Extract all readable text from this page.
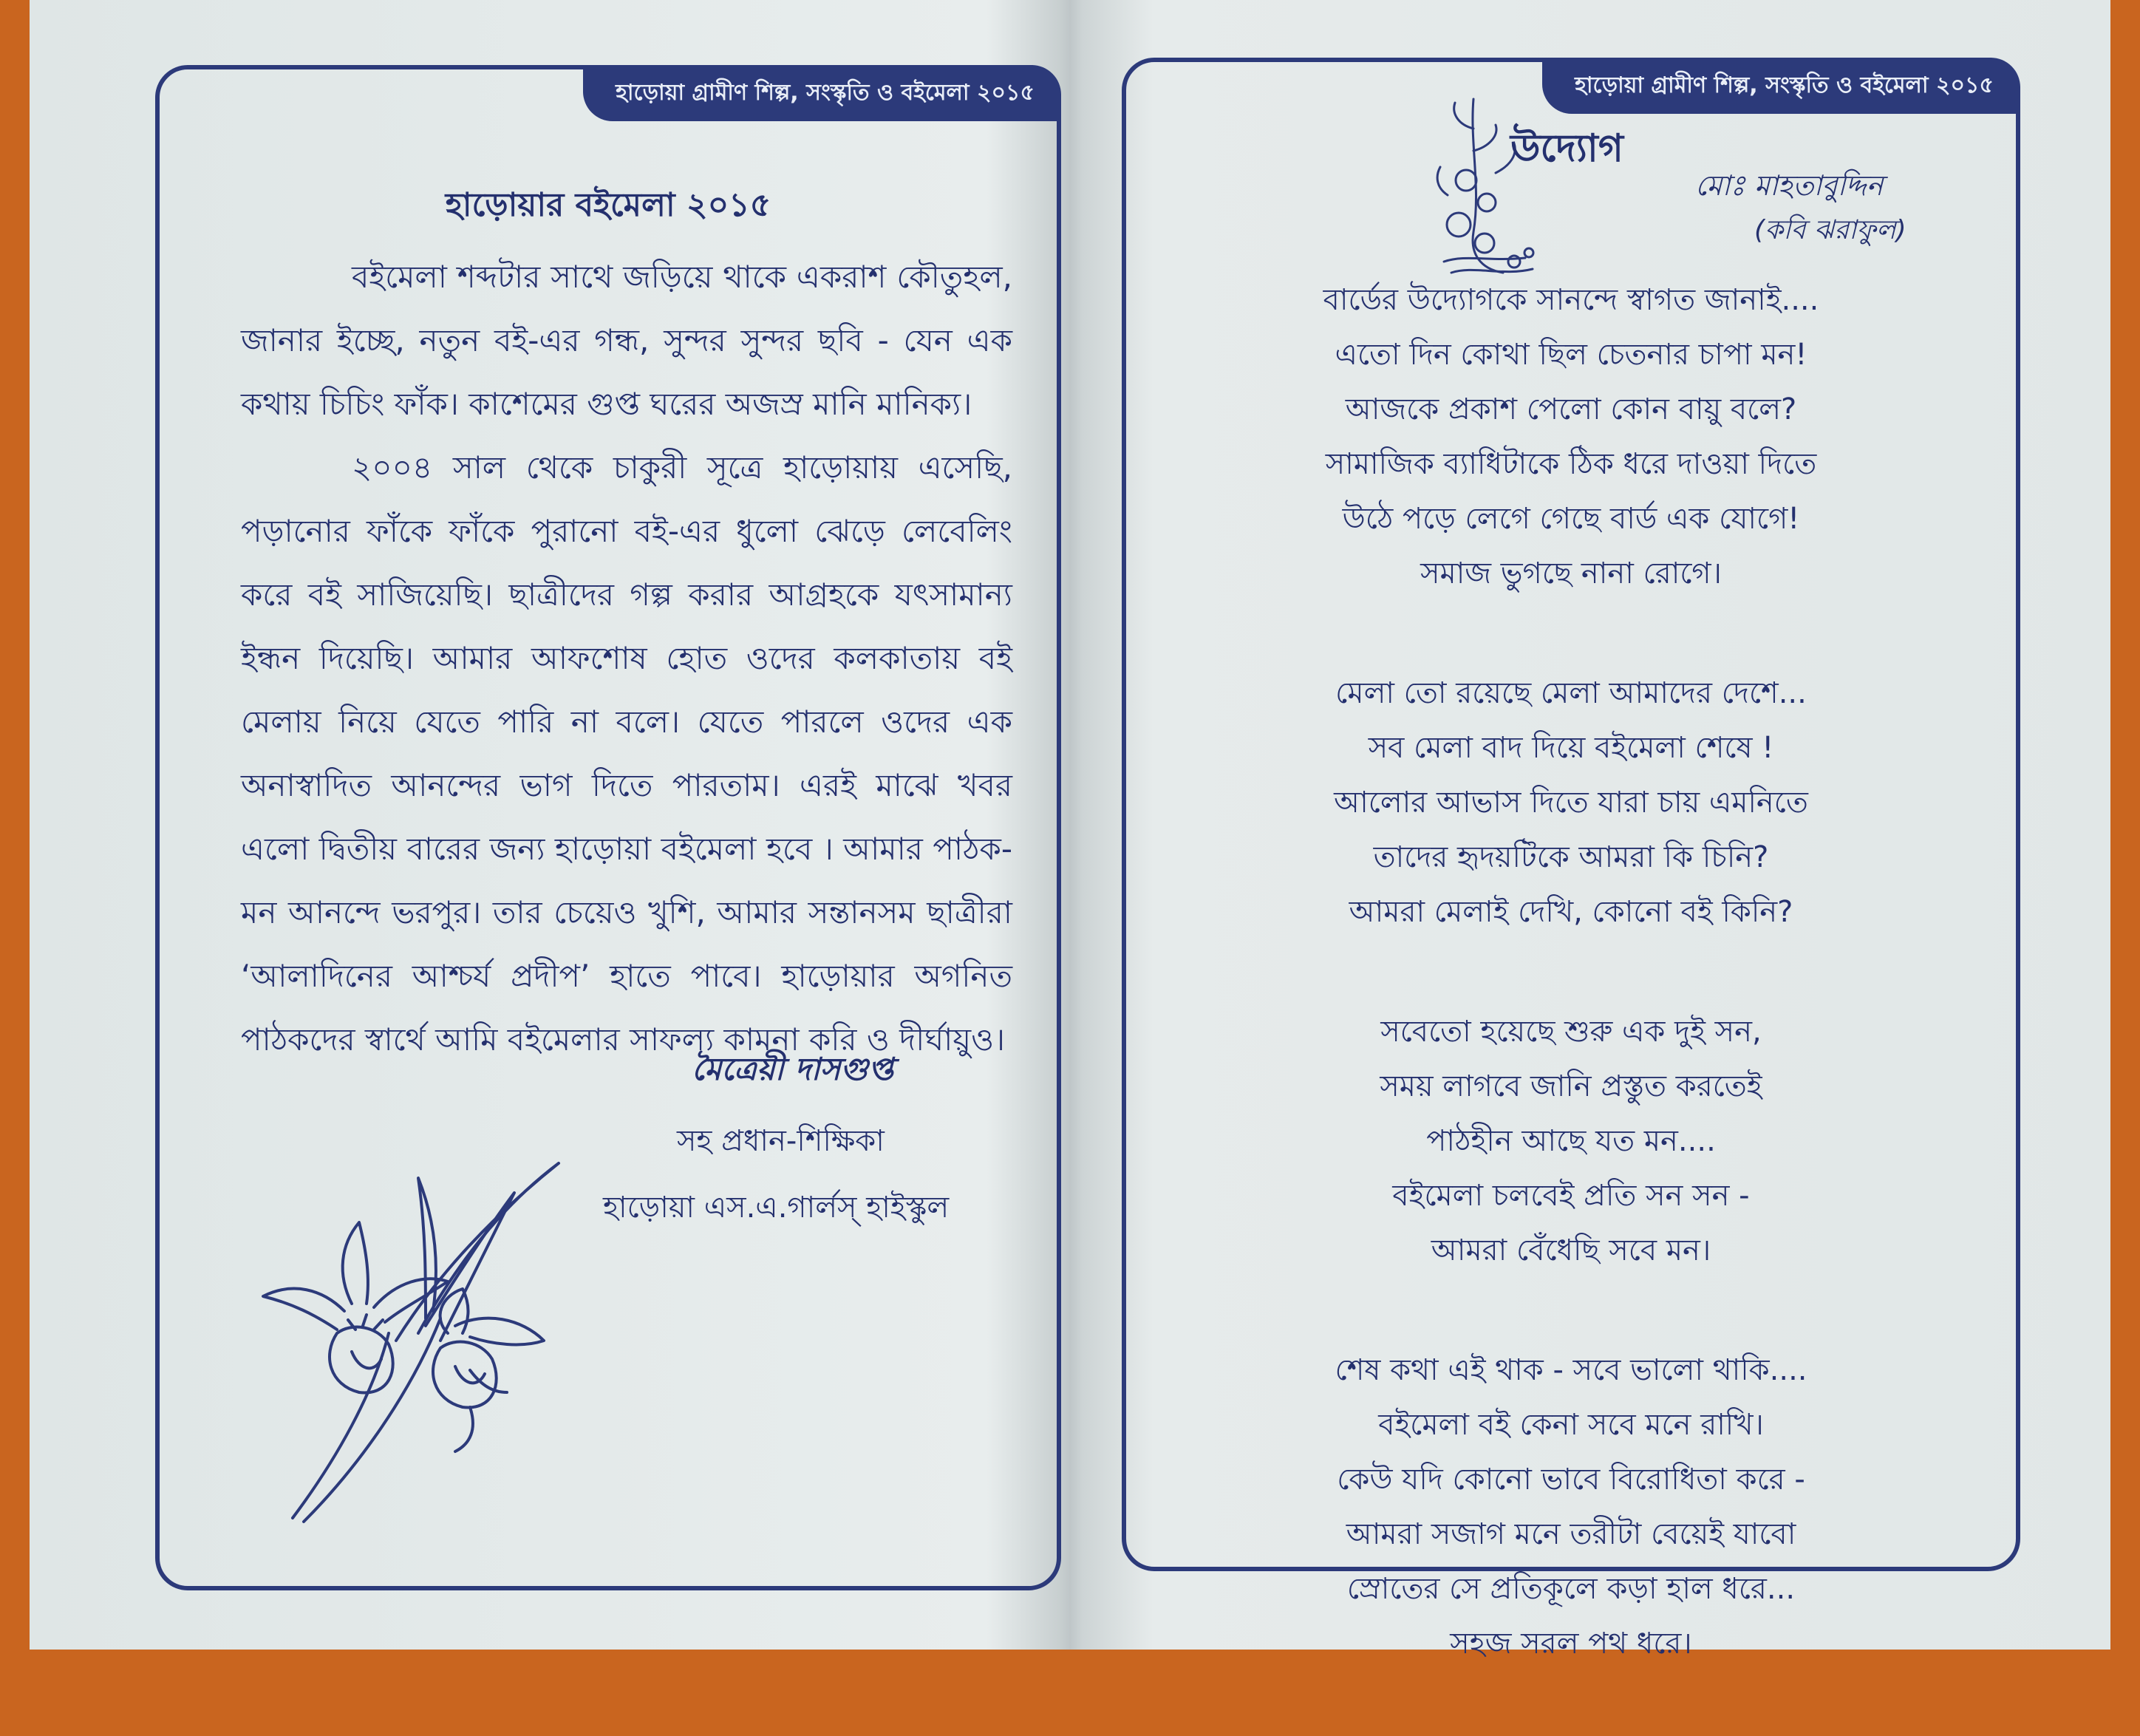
হাড়োয়া গ্রামীণ শিল্প, সংস্কৃতি ও বইমেলা ২০১৫
হাড়োয়ার বইমেলা ২০১৫

বইমেলা শব্দটার সাথে জড়িয়ে থাকে একরাশ কৌতুহল, জানার ইচ্ছে, নতুন বই-এর গন্ধ, সুন্দর সুন্দর ছবি - যেন এক কথায় চিচিং ফাঁক। কাশেমের গুপ্ত ঘরের অজস্র মানি মানিক্য।

২০০৪ সাল থেকে চাকুরী সূত্রে হাড়োয়ায় এসেছি, পড়ানোর ফাঁকে ফাঁকে পুরানো বই-এর ধুলো ঝেড়ে লেবেলিং করে বই সাজিয়েছি। ছাত্রীদের গল্প করার আগ্রহকে যৎসামান্য ইন্ধন দিয়েছি। আমার আফশোষ হোত ওদের কলকাতায় বই মেলায় নিয়ে যেতে পারি না বলে। যেতে পারলে ওদের এক অনাস্বাদিত আনন্দের ভাগ দিতে পারতাম। এরই মাঝে খবর এলো দ্বিতীয় বারের জন্য হাড়োয়া বইমেলা হবে । আমার পাঠক-মন আনন্দে ভরপুর। তার চেয়েও খুশি, আমার সন্তানসম ছাত্রীরা ‘আলাদিনের আশ্চর্য প্রদীপ’ হাতে পাবে। হাড়োয়ার অগনিত পাঠকদের স্বার্থে আমি বইমেলার সাফল্য কামনা করি ও দীর্ঘায়ুও।

মৈত্রেয়ী দাসগুপ্ত
সহ প্রধান-শিক্ষিকা
হাড়োয়া এস.এ.গার্লস্ হাইস্কুল
হাড়োয়া গ্রামীণ শিল্প, সংস্কৃতি ও বইমেলা ২০১৫
উদ্যোগ
মোঃ মাহতাবুদ্দিন
(কবি ঝরাফুল)
বার্ডের উদ্যোগকে সানন্দে স্বাগত জানাই....
এতো দিন কোথা ছিল চেতনার চাপা মন!
আজকে প্রকাশ পেলো কোন বায়ু বলে?
সামাজিক ব্যাধিটাকে ঠিক ধরে দাওয়া দিতে
উঠে পড়ে লেগে গেছে বার্ড এক যোগে!
সমাজ ভুগছে নানা রোগে।
মেলা তো রয়েছে মেলা আমাদের দেশে...
সব মেলা বাদ দিয়ে বইমেলা শেষে !
আলোর আভাস দিতে যারা চায় এমনিতে
তাদের হৃদয়টিকে আমরা কি চিনি?
আমরা মেলাই দেখি, কোনো বই কিনি?
সবেতো হয়েছে শুরু এক দুই সন,
সময় লাগবে জানি প্রস্তুত করতেই
পাঠহীন আছে যত মন....
বইমেলা চলবেই প্রতি সন সন -
আমরা বেঁধেছি সবে মন।
শেষ কথা এই থাক - সবে ভালো থাকি....
বইমেলা বই কেনা সবে মনে রাখি।
কেউ যদি কোনো ভাবে বিরোধিতা করে -
আমরা সজাগ মনে তরীটা বেয়েই যাবো
স্রোতের সে প্রতিকূলে কড়া হাল ধরে...
সহজ সরল পথ ধরে।
